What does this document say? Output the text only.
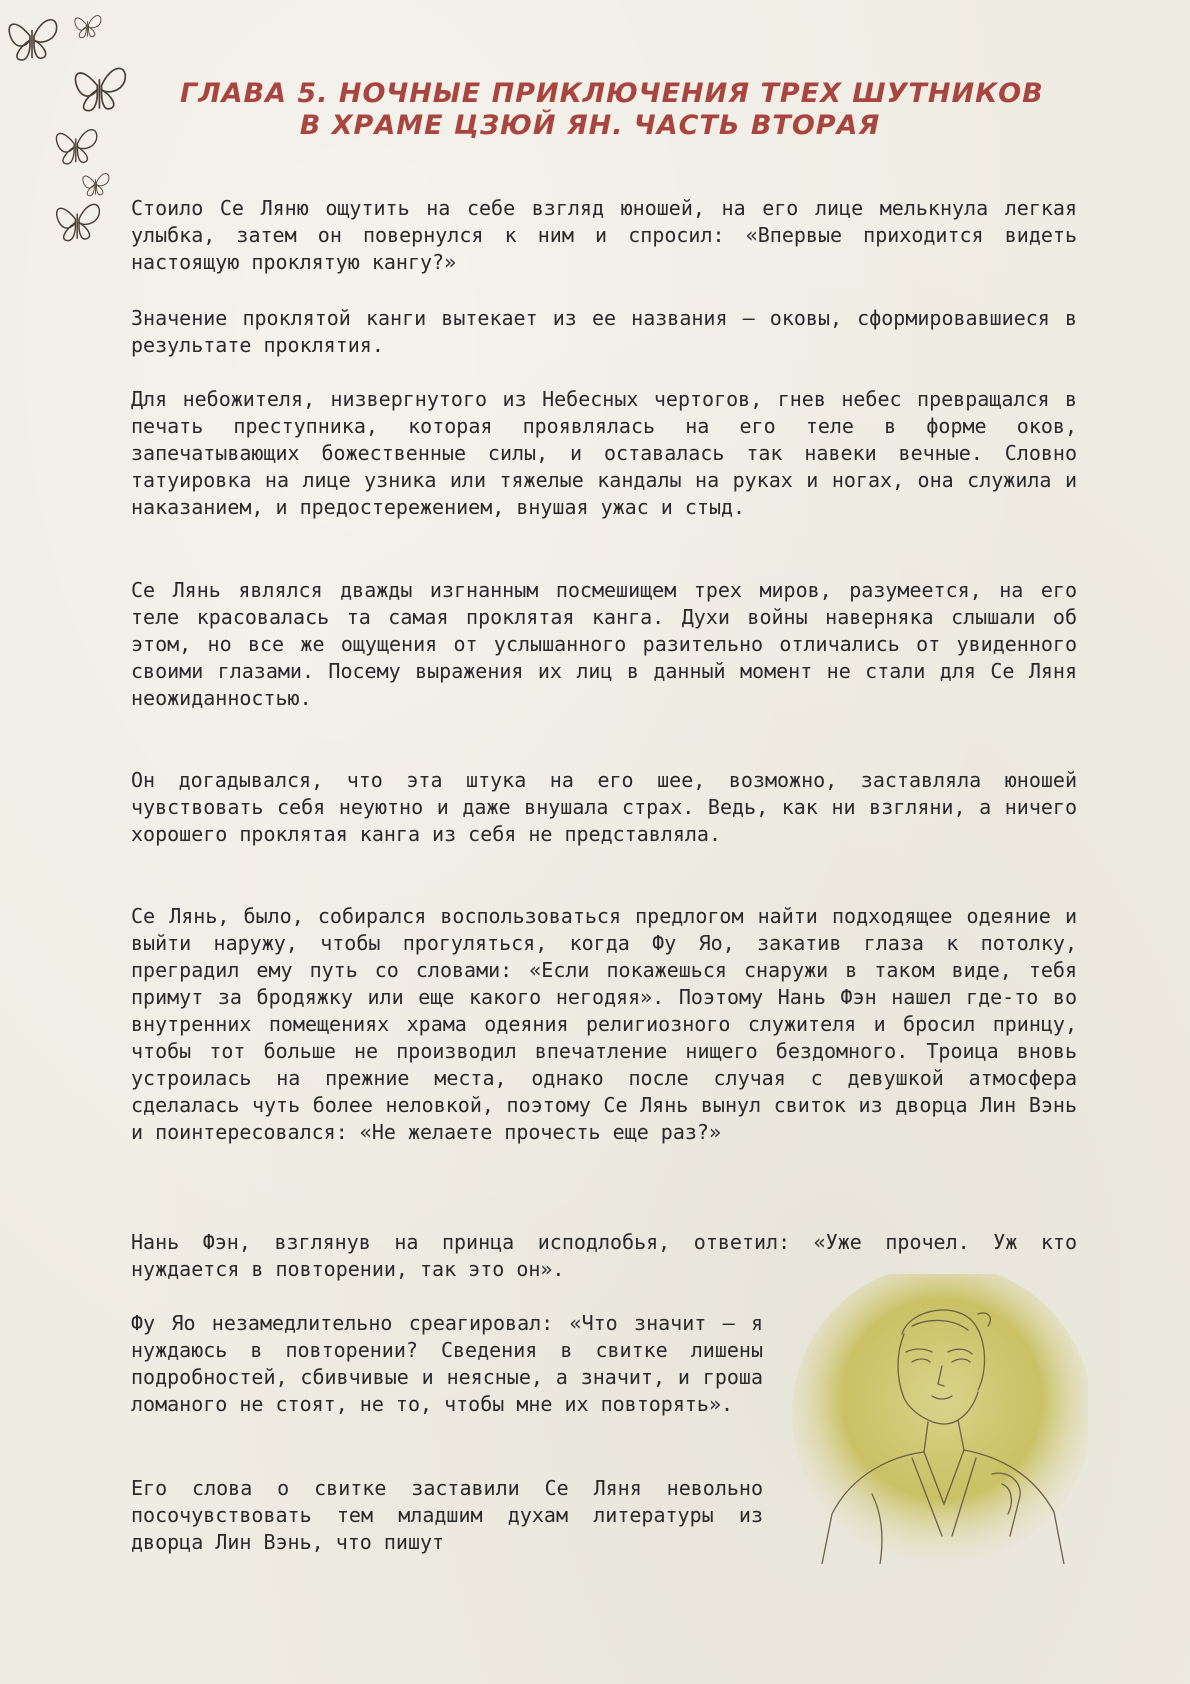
ГЛАВА 5. НОЧНЫЕ ПРИКЛЮЧЕНИЯ ТРЕХ ШУТНИКОВ
В ХРАМЕ ЦЗЮЙ ЯН. ЧАСТЬ ВТОРАЯ

Стоило Се Ляню ощутить на себе взгляд юношей, на его лице мелькнула легкая улыбка, затем он повернулся к ним и спросил: «Впервые приходится видеть настоящую проклятую кангу?»

Значение проклятой канги вытекает из ее названия — оковы, сформировавшиеся в результате проклятия.

Для небожителя, низвергнутого из Небесных чертогов, гнев небес превращался в печать преступника, которая проявлялась на его теле в форме оков, запечатывающих божественные силы, и оставалась так навеки вечные. Словно татуировка на лице узника или тяжелые кандалы на руках и ногах, она служила и наказанием, и предостережением, внушая ужас и стыд.

Се Лянь являлся дважды изгнанным посмешищем трех миров, разумеется, на его теле красовалась та самая проклятая канга. Духи войны наверняка слышали об этом, но все же ощущения от услышанного разительно отличались от увиденного своими глазами. Посему выражения их лиц в данный момент не стали для Се Ляня неожиданностью.

Он догадывался, что эта штука на его шее, возможно, заставляла юношей чувствовать себя неуютно и даже внушала страх. Ведь, как ни взгляни, а ничего хорошего проклятая канга из себя не представляла.

Се Лянь, было, собирался воспользоваться предлогом найти подходящее одеяние и выйти наружу, чтобы прогуляться, когда Фу Яо, закатив глаза к потолку, преградил ему путь со словами: «Если покажешься снаружи в таком виде, тебя примут за бродяжку или еще какого негодяя». Поэтому Нань Фэн нашел где-то во внутренних помещениях храма одеяния религиозного служителя и бросил принцу, чтобы тот больше не производил впечатление нищего бездомного. Троица вновь устроилась на прежние места, однако после случая с девушкой атмосфера сделалась чуть более неловкой, поэтому Се Лянь вынул свиток из дворца Лин Вэнь и поинтересовался: «Не желаете прочесть еще раз?»

Нань Фэн, взглянув на принца исподлобья, ответил: «Уже прочел. Уж кто нуждается в повторении, так это он».

Фу Яо незамедлительно среагировал: «Что значит — я нуждаюсь в повторении? Сведения в свитке лишены подробностей, сбивчивые и неясные, а значит, и гроша ломаного не стоят, не то, чтобы мне их повторять».

Его слова о свитке заставили Се Ляня невольно посочувствовать тем младшим духам литературы из дворца Лин Вэнь, что пишут
